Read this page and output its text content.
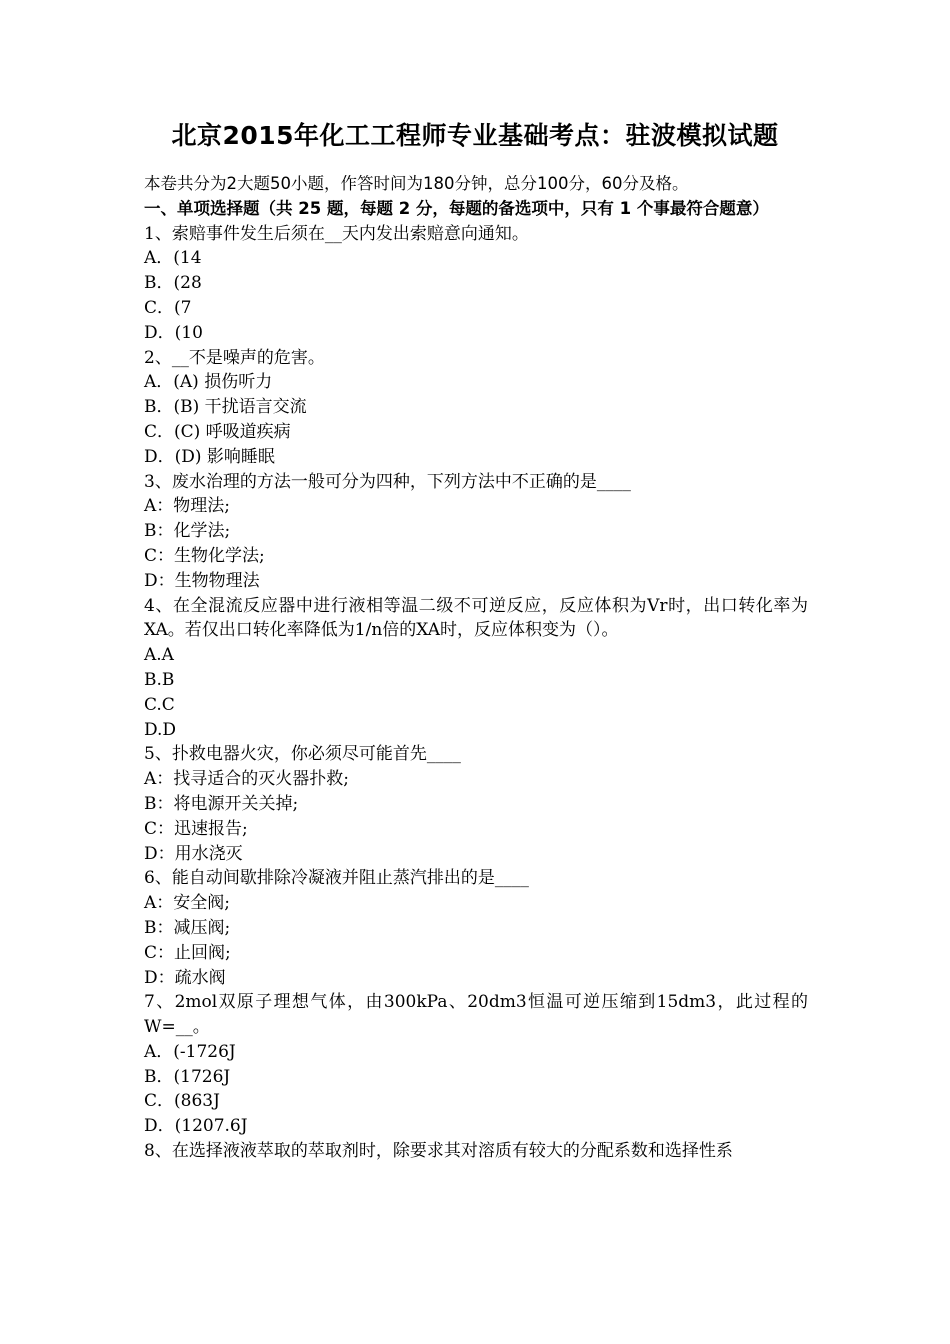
北京2015年化工工程师专业基础考点：驻波模拟试题

本卷共分为2大题50小题，作答时间为180分钟，总分100分，60分及格。

一、单项选择题（共 25 题，每题 2 分，每题的备选项中，只有 1 个事最符合题意）

1、索赔事件发生后须在__天内发出索赔意向通知。

A．(14

B．(28

C．(7

D．(10

2、__不是噪声的危害。

A．(A) 损伤听力

B．(B) 干扰语言交流

C．(C) 呼吸道疾病

D．(D) 影响睡眠

3、废水治理的方法一般可分为四种，下列方法中不正确的是____

A：物理法;

B：化学法;

C：生物化学法;

D：生物物理法

4、在全混流反应器中进行液相等温二级不可逆反应，反应体积为Vr时，出口转化率为XA。若仅出口转化率降低为1/n倍的XA时，反应体积变为（）。

A.A

B.B

C.C

D.D

5、扑救电器火灾，你必须尽可能首先____

A：找寻适合的灭火器扑救;

B：将电源开关关掉;

C：迅速报告;

D：用水浇灭

6、能自动间歇排除冷凝液并阻止蒸汽排出的是____

A：安全阀;

B：减压阀;

C：止回阀;

D：疏水阀

7、2mol双原子理想气体，由300kPa、20dm3恒温可逆压缩到15dm3，此过程的W=__。

A．(-1726J

B．(1726J

C．(863J

D．(1207.6J

8、在选择液液萃取的萃取剂时，除要求其对溶质有较大的分配系数和选择性系
